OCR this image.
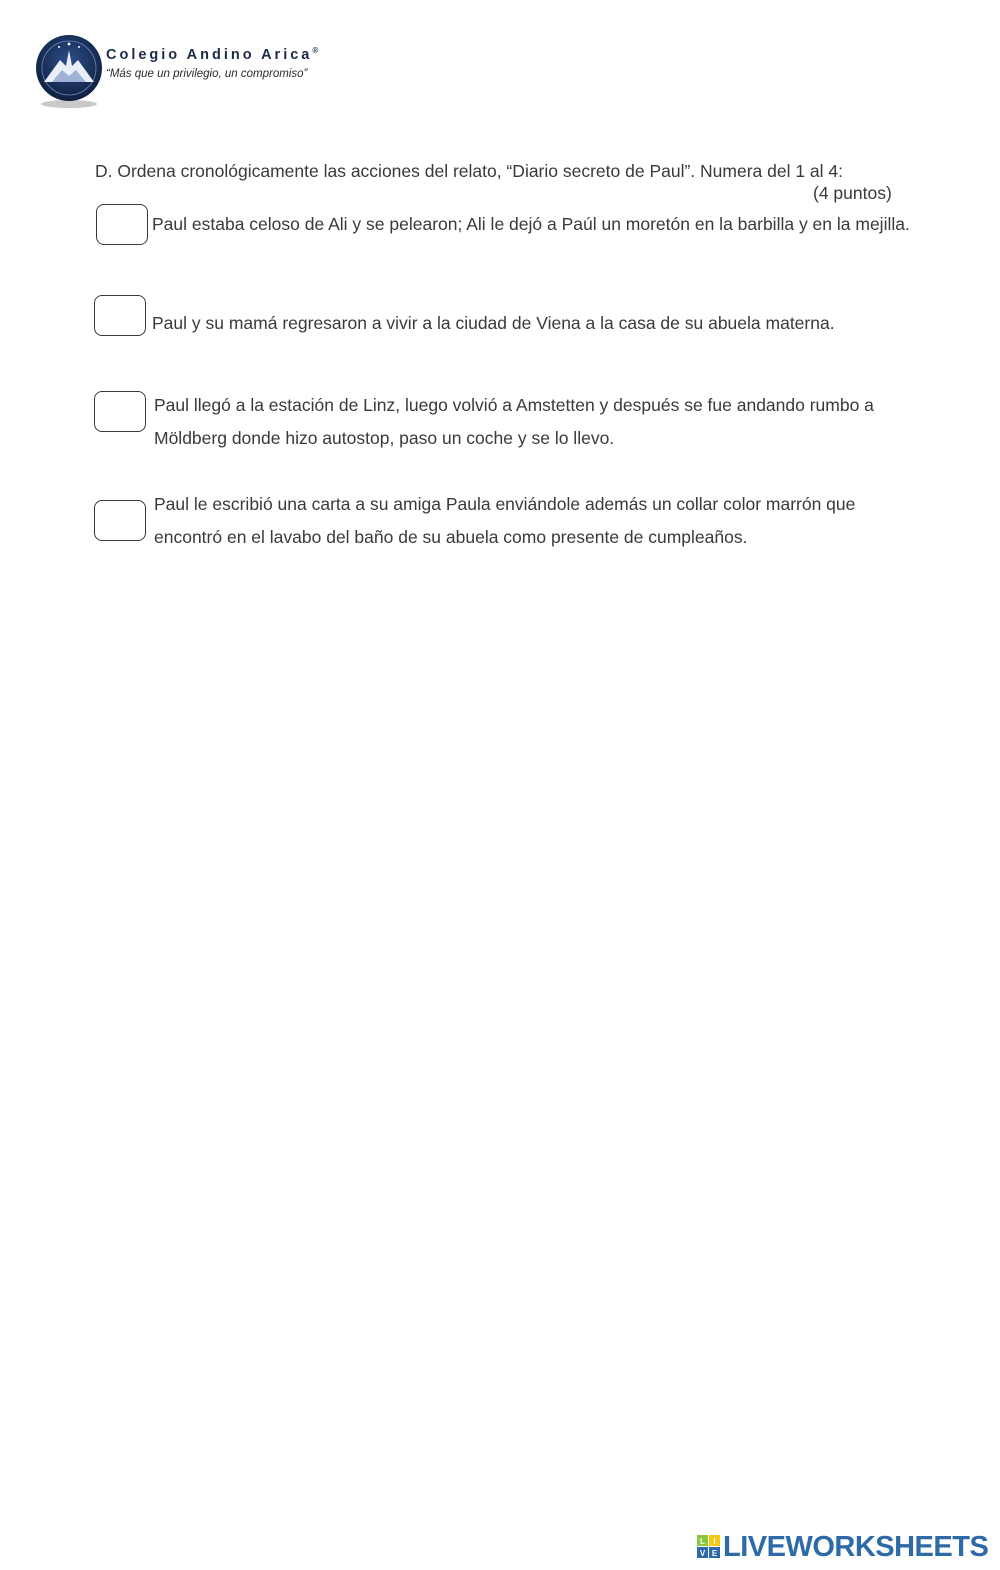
Colegio Andino Arica®
“Más que un privilegio, un compromiso”
D. Ordena cronológicamente las acciones del relato, “Diario secreto de Paul”. Numera del 1 al 4:
(4 puntos)
Paul estaba celoso de Ali y se pelearon; Ali le dejó a Paúl un moretón en la barbilla y en la mejilla.
Paul y su mamá regresaron a vivir a la ciudad de Viena a la casa de su abuela materna.
Paul llegó a la estación de Linz, luego volvió a Amstetten y después se fue andando rumbo a Möldberg donde hizo autostop, paso un coche y se lo llevo.
Paul le escribió una carta a su amiga Paula enviándole además un collar color marrón que encontró en el lavabo del baño de su abuela como presente de cumpleaños.
L I
V E LIVEWORKSHEETS
